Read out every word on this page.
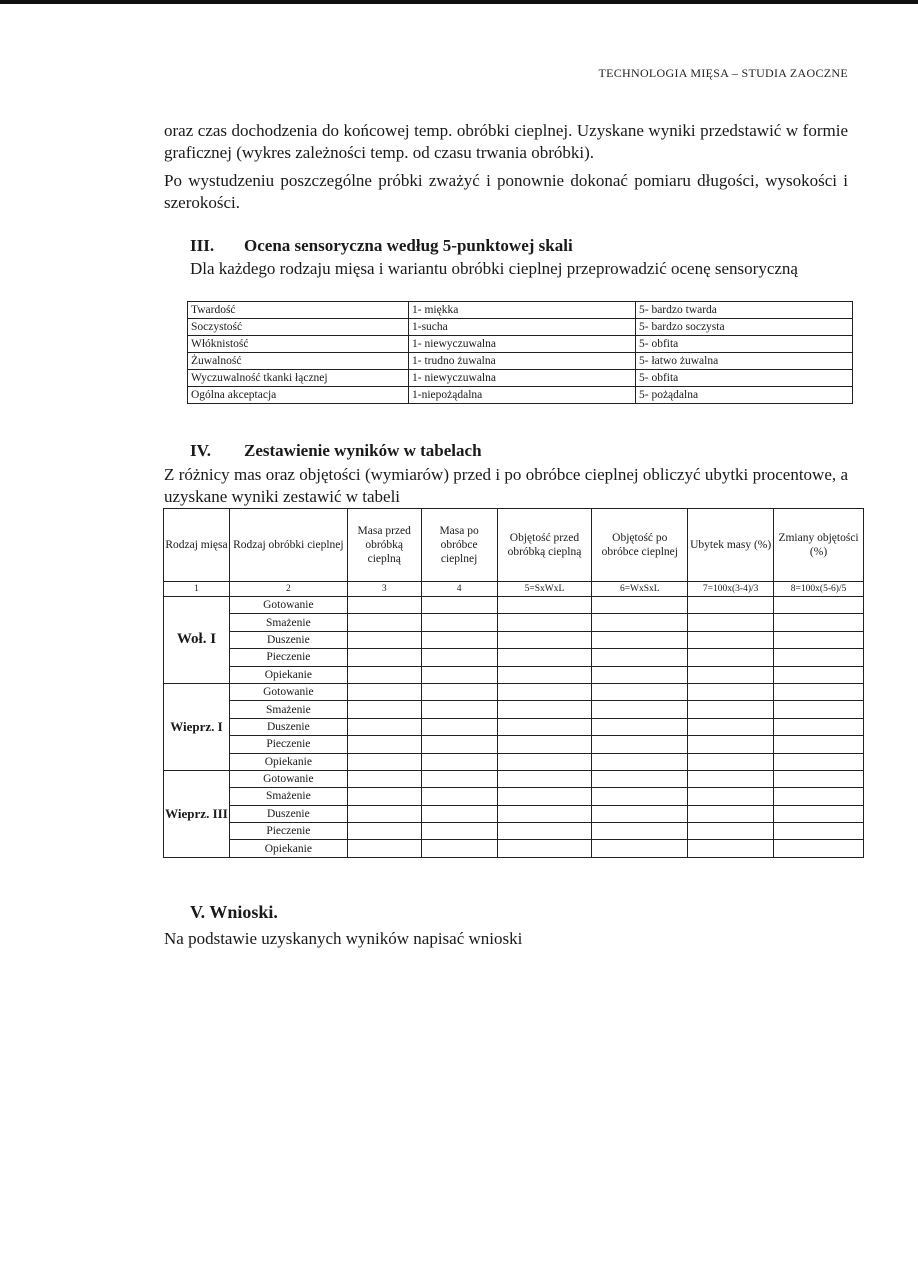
TECHNOLOGIA MIĘSA – STUDIA ZAOCZNE

oraz czas dochodzenia do końcowej temp. obróbki cieplnej. Uzyskane wyniki przedstawić w formie graficznej (wykres zależności temp. od czasu trwania obróbki).

Po wystudzeniu poszczególne próbki zważyć i ponownie dokonać pomiaru długości, wysokości i szerokości.

III. Ocena sensoryczna według 5-punktowej skali

Dla każdego rodzaju mięsa i wariantu obróbki cieplnej przeprowadzić ocenę sensoryczną

Twardość	1- miękka	5- bardzo twarda
Soczystość	1-sucha	5- bardzo soczysta
Włóknistość	1- niewyczuwalna	5- obfita
Żuwalność	1- trudno żuwalna	5- łatwo żuwalna
Wyczuwalność tkanki łącznej	1- niewyczuwalna	5- obfita
Ogólna akceptacja	1-niepożądalna	5- pożądalna
IV. Zestawienie wyników w tabelach

Z różnicy mas oraz objętości (wymiarów) przed i po obróbce cieplnej obliczyć ubytki procentowe, a uzyskane wyniki zestawić w tabeli

Rodzaj mięsa	Rodzaj obróbki cieplnej	Masa przed obróbką cieplną	Masa po obróbce cieplnej	Objętość przed obróbką cieplną	Objętość po obróbce cieplnej	Ubytek masy (%)	Zmiany objętości (%)
1	2	3	4	5=SxWxL	6=WxSxL	7=100x(3-4)/3	8=100x(5-6)/5
Woł. I	Gotowanie						
	Smażenie						
	Duszenie						
	Pieczenie						
	Opiekanie						
Wieprz. I	Gotowanie						
	Smażenie						
	Duszenie						
	Pieczenie						
	Opiekanie						
Wieprz. III	Gotowanie						
	Smażenie						
	Duszenie						
	Pieczenie						
	Opiekanie						
V. Wnioski.

Na podstawie uzyskanych wyników napisać wnioski
